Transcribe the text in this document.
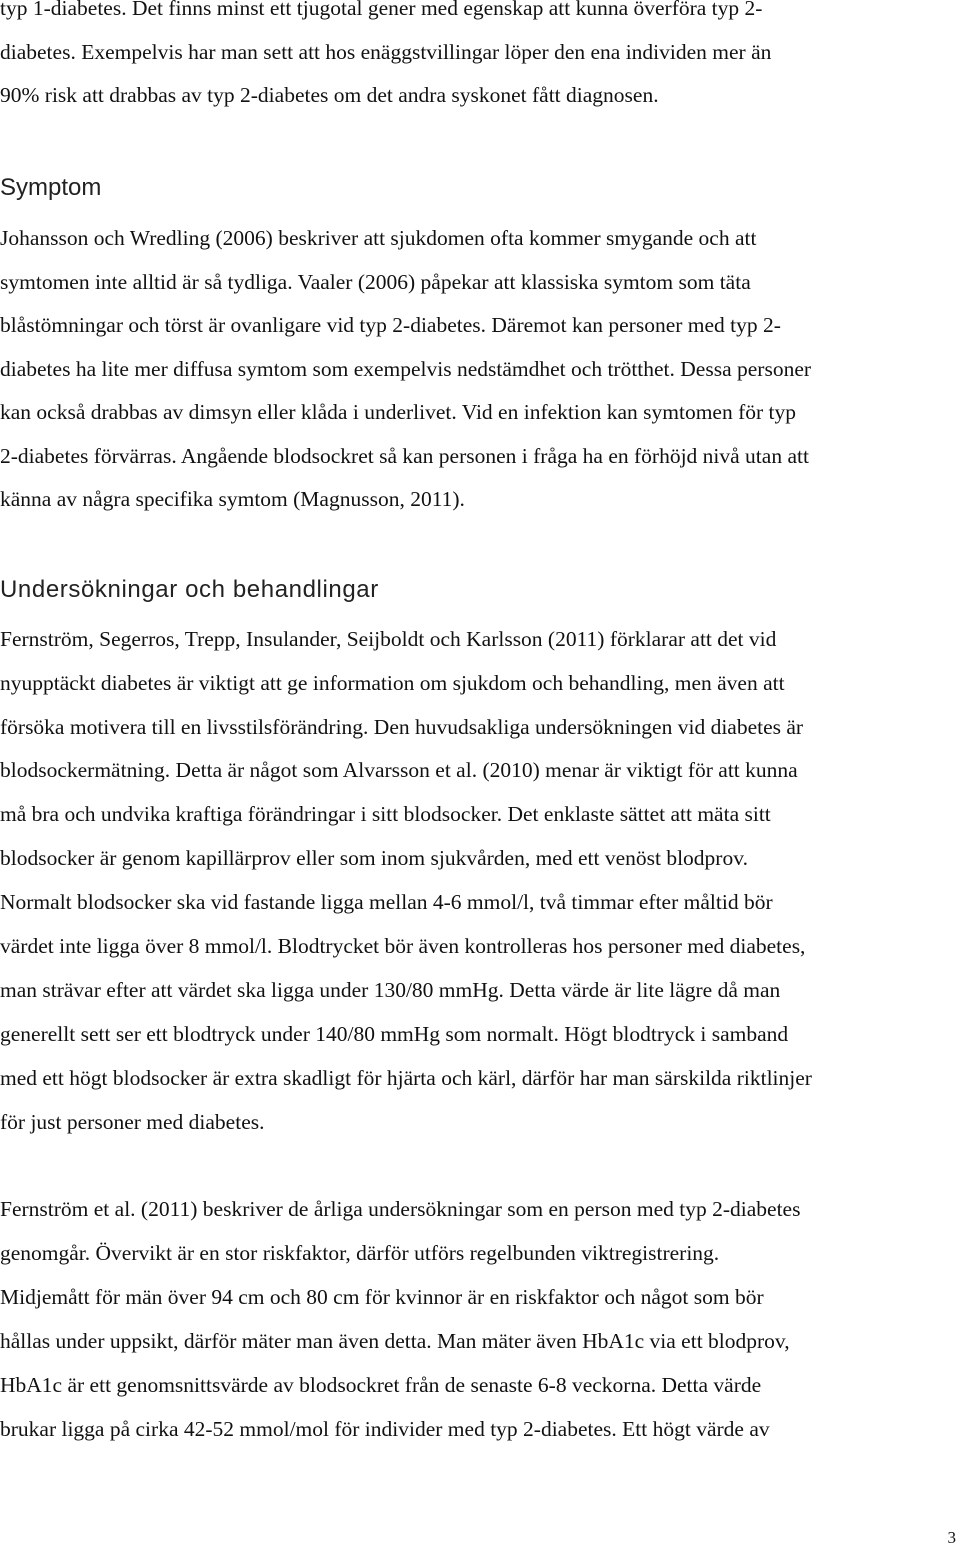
typ 1-diabetes. Det finns minst ett tjugotal gener med egenskap att kunna överföra typ 2-
diabetes. Exempelvis har man sett att hos enäggstvillingar löper den ena individen mer än
90% risk att drabbas av typ 2-diabetes om det andra syskonet fått diagnosen.
Symptom
Johansson och Wredling (2006) beskriver att sjukdomen ofta kommer smygande och att
symtomen inte alltid är så tydliga. Vaaler (2006) påpekar att klassiska symtom som täta
blåstömningar och törst är ovanligare vid typ 2-diabetes. Däremot kan personer med typ 2-
diabetes ha lite mer diffusa symtom som exempelvis nedstämdhet och trötthet. Dessa personer
kan också drabbas av dimsyn eller klåda i underlivet. Vid en infektion kan symtomen för typ
2-diabetes förvärras. Angående blodsockret så kan personen i fråga ha en förhöjd nivå utan att
känna av några specifika symtom (Magnusson, 2011).
Undersökningar och behandlingar
Fernström, Segerros, Trepp, Insulander, Seijboldt och Karlsson (2011) förklarar att det vid
nyupptäckt diabetes är viktigt att ge information om sjukdom och behandling, men även att
försöka motivera till en livsstilsförändring. Den huvudsakliga undersökningen vid diabetes är
blodsockermätning. Detta är något som Alvarsson et al. (2010) menar är viktigt för att kunna
må bra och undvika kraftiga förändringar i sitt blodsocker. Det enklaste sättet att mäta sitt
blodsocker är genom kapillärprov eller som inom sjukvården, med ett venöst blodprov.
Normalt blodsocker ska vid fastande ligga mellan 4-6 mmol/l, två timmar efter måltid bör
värdet inte ligga över 8 mmol/l. Blodtrycket bör även kontrolleras hos personer med diabetes,
man strävar efter att värdet ska ligga under 130/80 mmHg. Detta värde är lite lägre då man
generellt sett ser ett blodtryck under 140/80 mmHg som normalt. Högt blodtryck i samband
med ett högt blodsocker är extra skadligt för hjärta och kärl, därför har man särskilda riktlinjer
för just personer med diabetes.
Fernström et al. (2011) beskriver de årliga undersökningar som en person med typ 2-diabetes
genomgår. Övervikt är en stor riskfaktor, därför utförs regelbunden viktregistrering.
Midjemått för män över 94 cm och 80 cm för kvinnor är en riskfaktor och något som bör
hållas under uppsikt, därför mäter man även detta. Man mäter även HbA1c via ett blodprov,
HbA1c är ett genomsnittsvärde av blodsockret från de senaste 6-8 veckorna. Detta värde
brukar ligga på cirka 42-52 mmol/mol för individer med typ 2-diabetes. Ett högt värde av
3
